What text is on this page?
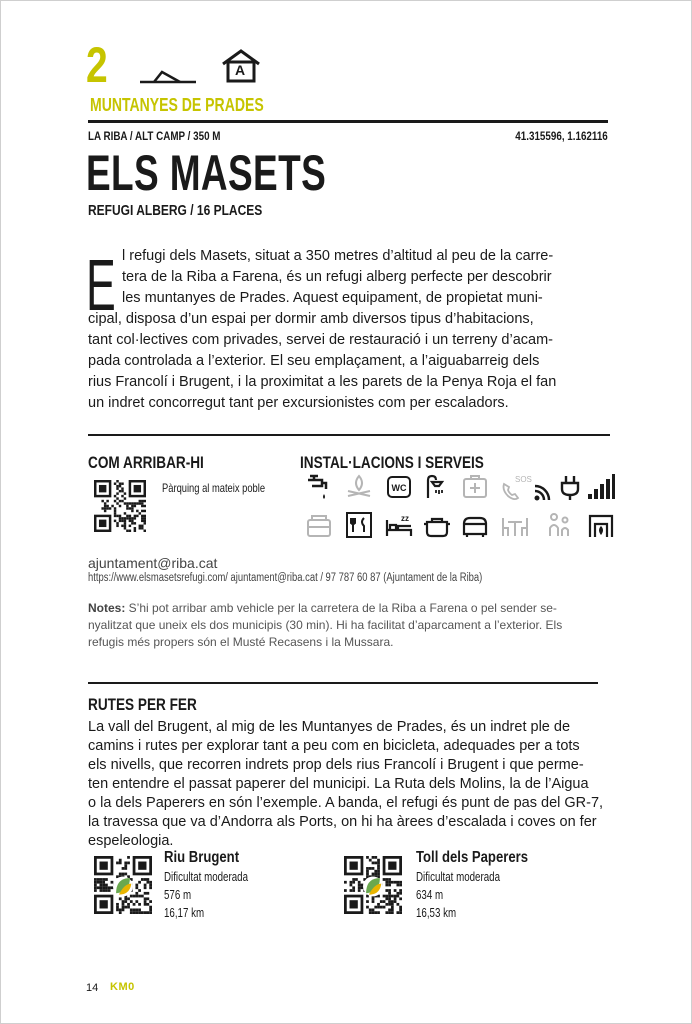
2	A
MUNTANYES DE PRADES
LA RIBA / ALT CAMP / 350 M	41.315596, 1.162116
ELS MASETS
REFUGI ALBERG / 16 PLACES
E l refugi dels Masets, situat a 350 metres d’altitud al peu de la carre-
tera de la Riba a Farena, és un refugi alberg perfecte per descobrir
les muntanyes de Prades. Aquest equipament, de propietat muni-
cipal, disposa d’un espai per dormir amb diversos tipus d’habitacions,
tant col·lectives com privades, servei de restauració i un terreny d’acam-
pada controlada a l’exterior. El seu emplaçament, a l’aiguabarreig dels
rius Francolí i Brugent, i la proximitat a les parets de la Penya Roja el fan
un indret concorregut tant per excursionistes com per escaladors.
COM ARRIBAR-HI
Pàrquing al mateix poble
INSTAL·LACIONS I SERVEIS
WC
SOS
zz
ajuntament@riba.cat
https://www.elsmasetsrefugi.com/ ajuntament@riba.cat / 97 787 60 87 (Ajuntament de la Riba)
Notes: S’hi pot arribar amb vehicle per la carretera de la Riba a Farena o pel sender se-
nyalitzat que uneix els dos municipis (30 min). Hi ha facilitat d’aparcament a l’exterior. Els
refugis més propers són el Musté Recasens i la Mussara.
RUTES PER FER
La vall del Brugent, al mig de les Muntanyes de Prades, és un indret ple de
camins i rutes per explorar tant a peu com en bicicleta, adequades per a tots
els nivells, que recorren indrets prop dels rius Francolí i Brugent i que perme-
ten entendre el passat paperer del municipi. La Ruta dels Molins, la de l’Aigua
o la dels Paperers en són l’exemple. A banda, el refugi és punt de pas del GR-7,
la travessa que va d’Andorra als Ports, on hi ha àrees d’escalada i coves on fer
espeleologia.
Riu Brugent
Dificultat moderada
576 m
16,17 km
Toll dels Paperers
Dificultat moderada
634 m
16,53 km
14 KM0
